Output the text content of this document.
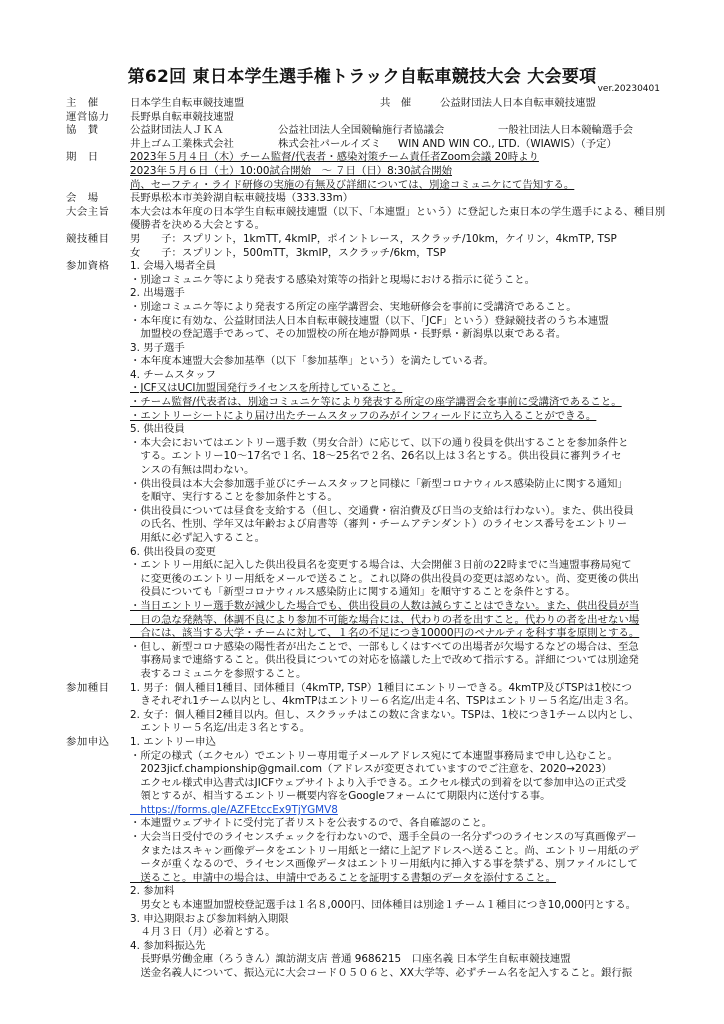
第62回 東日本学生選手権トラック自転車競技大会 大会要項
ver.20230401
主　催	日本学生自転車競技連盟	共　催	公益財団法人日本自転車競技連盟
運営協力	長野県自転車競技連盟
協　賛	公益財団法人ＪＫＡ	公益社団法人全国競輪施行者協議会	一般社団法人日本競輪選手会
井上ゴム工業株式会社	株式会社パールイズミ	WIN AND WIN CO., LTD.（WIAWIS）（予定）
期　日	2023年５月４日（木）チーム監督/代表者・感染対策チーム責任者Zoom会議 20時より
2023年５月６日（土）10:00試合開始　～ ７日（日）8:30試合開始
尚、セーフティ・ライド研修の実施の有無及び詳細については、別途コミュニケにて告知する。
会　場	長野県松本市美鈴湖自転車競技場（333.33m）
大会主旨	本大会は本年度の日本学生自転車競技連盟（以下、「本連盟」という）に登記した東日本の学生選手による、種目別優勝者を決める大会とする。
競技種目	男　　子：スプリント，1kmTT, 4kmIP，ポイントレース，スクラッチ/10km，ケイリン，4kmTP, TSP
女　　子：スプリント，500mTT，3kmIP，スクラッチ/6km，TSP
参加資格	1. 会場入場者全員
・別途コミュニケ等により発表する感染対策等の指針と現場における指示に従うこと。
2. 出場選手
・別途コミュニケ等により発表する所定の座学講習会、実地研修会を事前に受講済であること。
・本年度に有効な、公益財団法人日本自転車競技連盟（以下、「JCF」という）登録競技者のうち本連盟
　加盟校の登記選手であって、その加盟校の所在地が静岡県・長野県・新潟県以東である者。
3. 男子選手
・本年度本連盟大会参加基準（以下「参加基準」という）を満たしている者。
4. チームスタッフ
・JCF又はUCI加盟国発行ライセンスを所持していること。
・チーム監督/代表者は、別途コミュニケ等により発表する所定の座学講習会を事前に受講済であること。
・エントリーシートにより届け出たチームスタッフのみがインフィールドに立ち入ることができる。
5. 供出役員
・本大会においてはエントリー選手数（男女合計）に応じて、以下の通り役員を供出することを参加条件と
　する。エントリー10～17名で１名、18～25名で２名、26名以上は３名とする。供出役員に審判ライセ
　ンスの有無は問わない。
・供出役員は本大会参加選手並びにチームスタッフと同様に「新型コロナウィルス感染防止に関する通知」
　を順守、実行することを参加条件とする。
・供出役員については昼食を支給する（但し、交通費・宿泊費及び日当の支給は行わない）。また、供出役員
　の氏名、性別、学年又は年齢および肩書等（審判・チームアテンダント）のライセンス番号をエントリー
　用紙に必ず記入すること。
6. 供出役員の変更
・エントリー用紙に記入した供出役員名を変更する場合は、大会開催３日前の22時までに当連盟事務局宛て
　に変更後のエントリー用紙をメールで送ること。これ以降の供出役員の変更は認めない。尚、変更後の供出
　役員についても「新型コロナウィルス感染防止に関する通知」を順守することを条件とする。
・当日エントリー選手数が減少した場合でも、供出役員の人数は減らすことはできない。また、供出役員が当
　日の急な発熱等、体調不良により参加不可能な場合には、代わりの者を出すこと。代わりの者を出せない場
　合には、該当する大学・チームに対して、１名の不足につき10000円のペナルティを科す事を原則とする。
・但し、新型コロナ感染の陽性者が出たことで、一部もしくはすべての出場者が欠場するなどの場合は、至急
　事務局まで連絡すること。供出役員についての対応を協議した上で改めて指示する。詳細については別途発
　表するコミュニケを参照すること。
参加種目	1. 男子：個人種目1種目、団体種目（4kmTP, TSP）1種目にエントリーできる。4kmTP及びTSPは1校につ
　きそれぞれ1チーム以内とし、4kmTPはエントリー６名迄/出走４名、TSPはエントリー５名迄/出走３名。
2. 女子：個人種目2種目以内。但し、スクラッチはこの数に含まない。TSPは、1校につき1チーム以内とし、
　エントリー５名迄/出走３名とする。
参加申込	1. エントリー申込
・所定の様式（エクセル）でエントリー専用電子メールアドレス宛にて本連盟事務局まで申し込むこと。
　2023jicf.championship@gmail.com（アドレスが変更されていますのでご注意を、2020→2023）
　エクセル様式申込書式はJICFウェブサイトより入手できる。エクセル様式の到着を以て参加申込の正式受
　領とするが、相当するエントリー概要内容をGoogleフォームにて期限内に送付する事。
　https://forms.gle/AZFEtccEx9TjYGMV8
・本連盟ウェブサイトに受付完了者リストを公表するので、各自確認のこと。
・大会当日受付でのライセンスチェックを行わないので、選手全員の一名分ずつのライセンスの写真画像デー
　タまたはスキャン画像データをエントリー用紙と一緒に上記アドレスへ送ること。尚、エントリー用紙のデ
　ータが重くなるので、ライセンス画像データはエントリー用紙内に挿入する事を禁ずる、別ファイルにして
　送ること。申請中の場合は、申請中であることを証明する書類のデータを添付すること。
2. 参加料
　男女とも本連盟加盟校登記選手は１名８,000円、団体種目は別途１チーム１種目につき10,000円とする。
3. 申込期限および参加料納入期限
　４月３日（月）必着とする。
4. 参加料振込先
　長野県労働金庫（ろうきん）諏訪湖支店 普通 9686215　口座名義 日本学生自転車競技連盟
　送金名義人について、振込元に大会コード０５０６と、XX大学等、必ずチーム名を記入すること。銀行振
